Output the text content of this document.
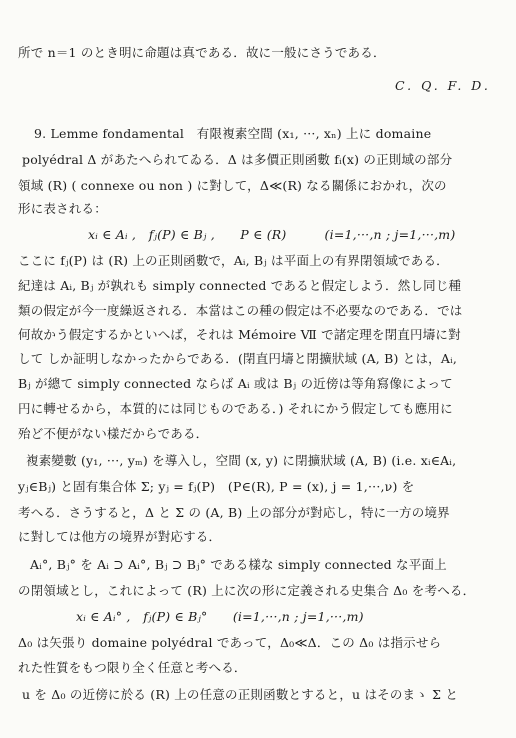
所で n＝1 のとき明に命題は真である．故に一般にさうである．
C. Q. F. D.
9. Lemme fondamental　有限複素空間 (x₁, ···, xₙ) 上に domaine
polyédral Δ があたへられてゐる．Δ は多價正則函數 fᵢ(x) の正則域の部分
領域 (R) ( connexe ou non ) に對して，Δ≪(R) なる關係におかれ，次の
形に表される：
xᵢ ∈ Aᵢ ,　fⱼ(P) ∈ Bⱼ ,　　P ∈ (R)　　　(i=1,···,n ; j=1,···,m)
ここに fⱼ(P) は (R) 上の正則函數で，Aᵢ, Bⱼ は平面上の有界閉領域である．
紀達は Aᵢ, Bⱼ が孰れも simply connected であると假定しよう．然し同じ種
類の假定が今一度繰返される．本當はこの種の假定は不必要なのである．では
何故かう假定するかといへば，それは Mémoire Ⅶ で諸定理を閉直円壔に對
して しか証明しなかったからである．(閉直円壔と閉擴狀域 (A, B) とは，Aᵢ,
Bⱼ が總て simply connected ならば Aᵢ 或は Bⱼ の近傍は等角寫像によって
円に轉せるから，本質的には同じものである．) それにかう假定しても應用に
殆ど不便がない樣だからである．
複素變數 (y₁, ···, yₘ) を導入し，空間 (x, y) に閉擴狀域 (A, B) (i.e. xᵢ∈Aᵢ,
yⱼ∈Bⱼ) と固有集合体 Σ; yⱼ = fⱼ(P)　(P∈(R), P = (x), j = 1,···,ν) を
考へる．さうすると，Δ と Σ の (A, B) 上の部分が對応し，特に一方の境界
に對しては他方の境界が對応する．
Aᵢ°, Bⱼ° を Aᵢ ⊃ Aᵢ°, Bⱼ ⊃ Bⱼ° である樣な simply connected な平面上
の閉領域とし，これによって (R) 上に次の形に定義される史集合 Δ₀ を考へる．
xᵢ ∈ Aᵢ° ,　fⱼ(P) ∈ Bⱼ°　　(i=1,···,n ; j=1,···,m)
Δ₀ は矢張り domaine polyédral であって，Δ₀≪Δ．この Δ₀ は指示せら
れた性質をもつ限り全く任意と考へる．
u を Δ₀ の近傍に於る (R) 上の任意の正則函數とすると，u はそのまゝ Σ と
